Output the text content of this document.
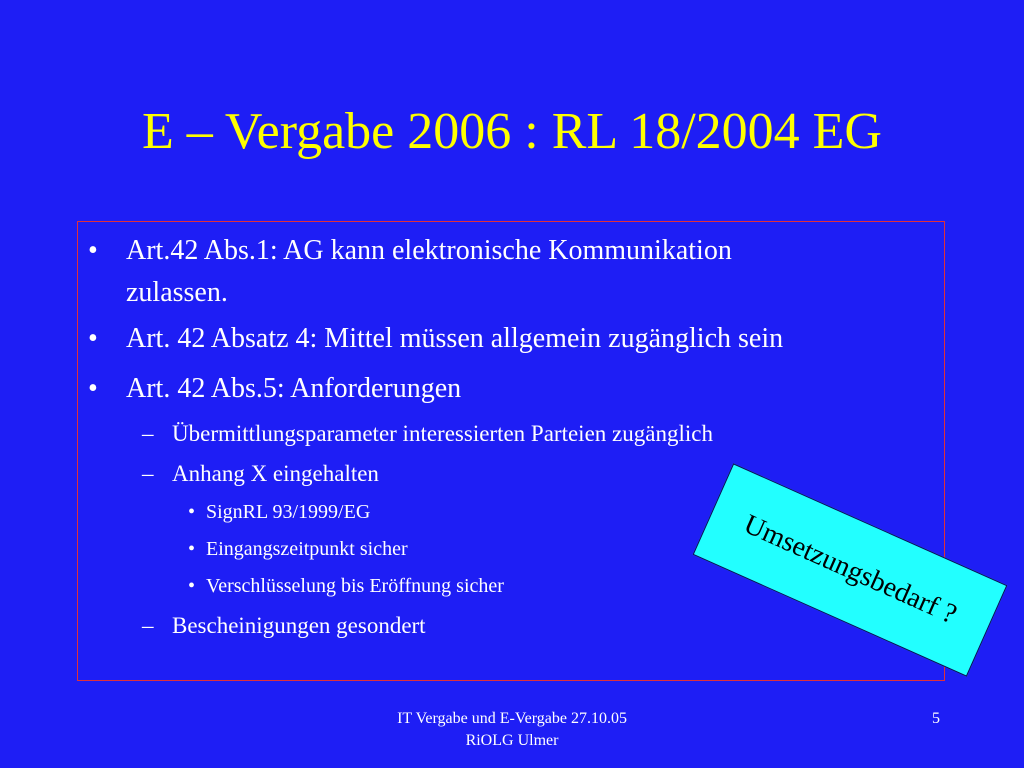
E – Vergabe 2006 : RL 18/2004 EG
• Art.42 Abs.1: AG kann elektronische Kommunikation
zulassen.
• Art. 42 Absatz 4: Mittel müssen allgemein zugänglich sein
• Art. 42 Abs.5: Anforderungen
– Übermittlungsparameter interessierten Parteien zugänglich
– Anhang X eingehalten
• SignRL 93/1999/EG
• Eingangszeitpunkt sicher
• Verschlüsselung bis Eröffnung sicher
– Bescheinigungen gesondert	Umsetzungsbedarf ?
IT Vergabe und E-Vergabe 27.10.05
RiOLG Ulmer
5
